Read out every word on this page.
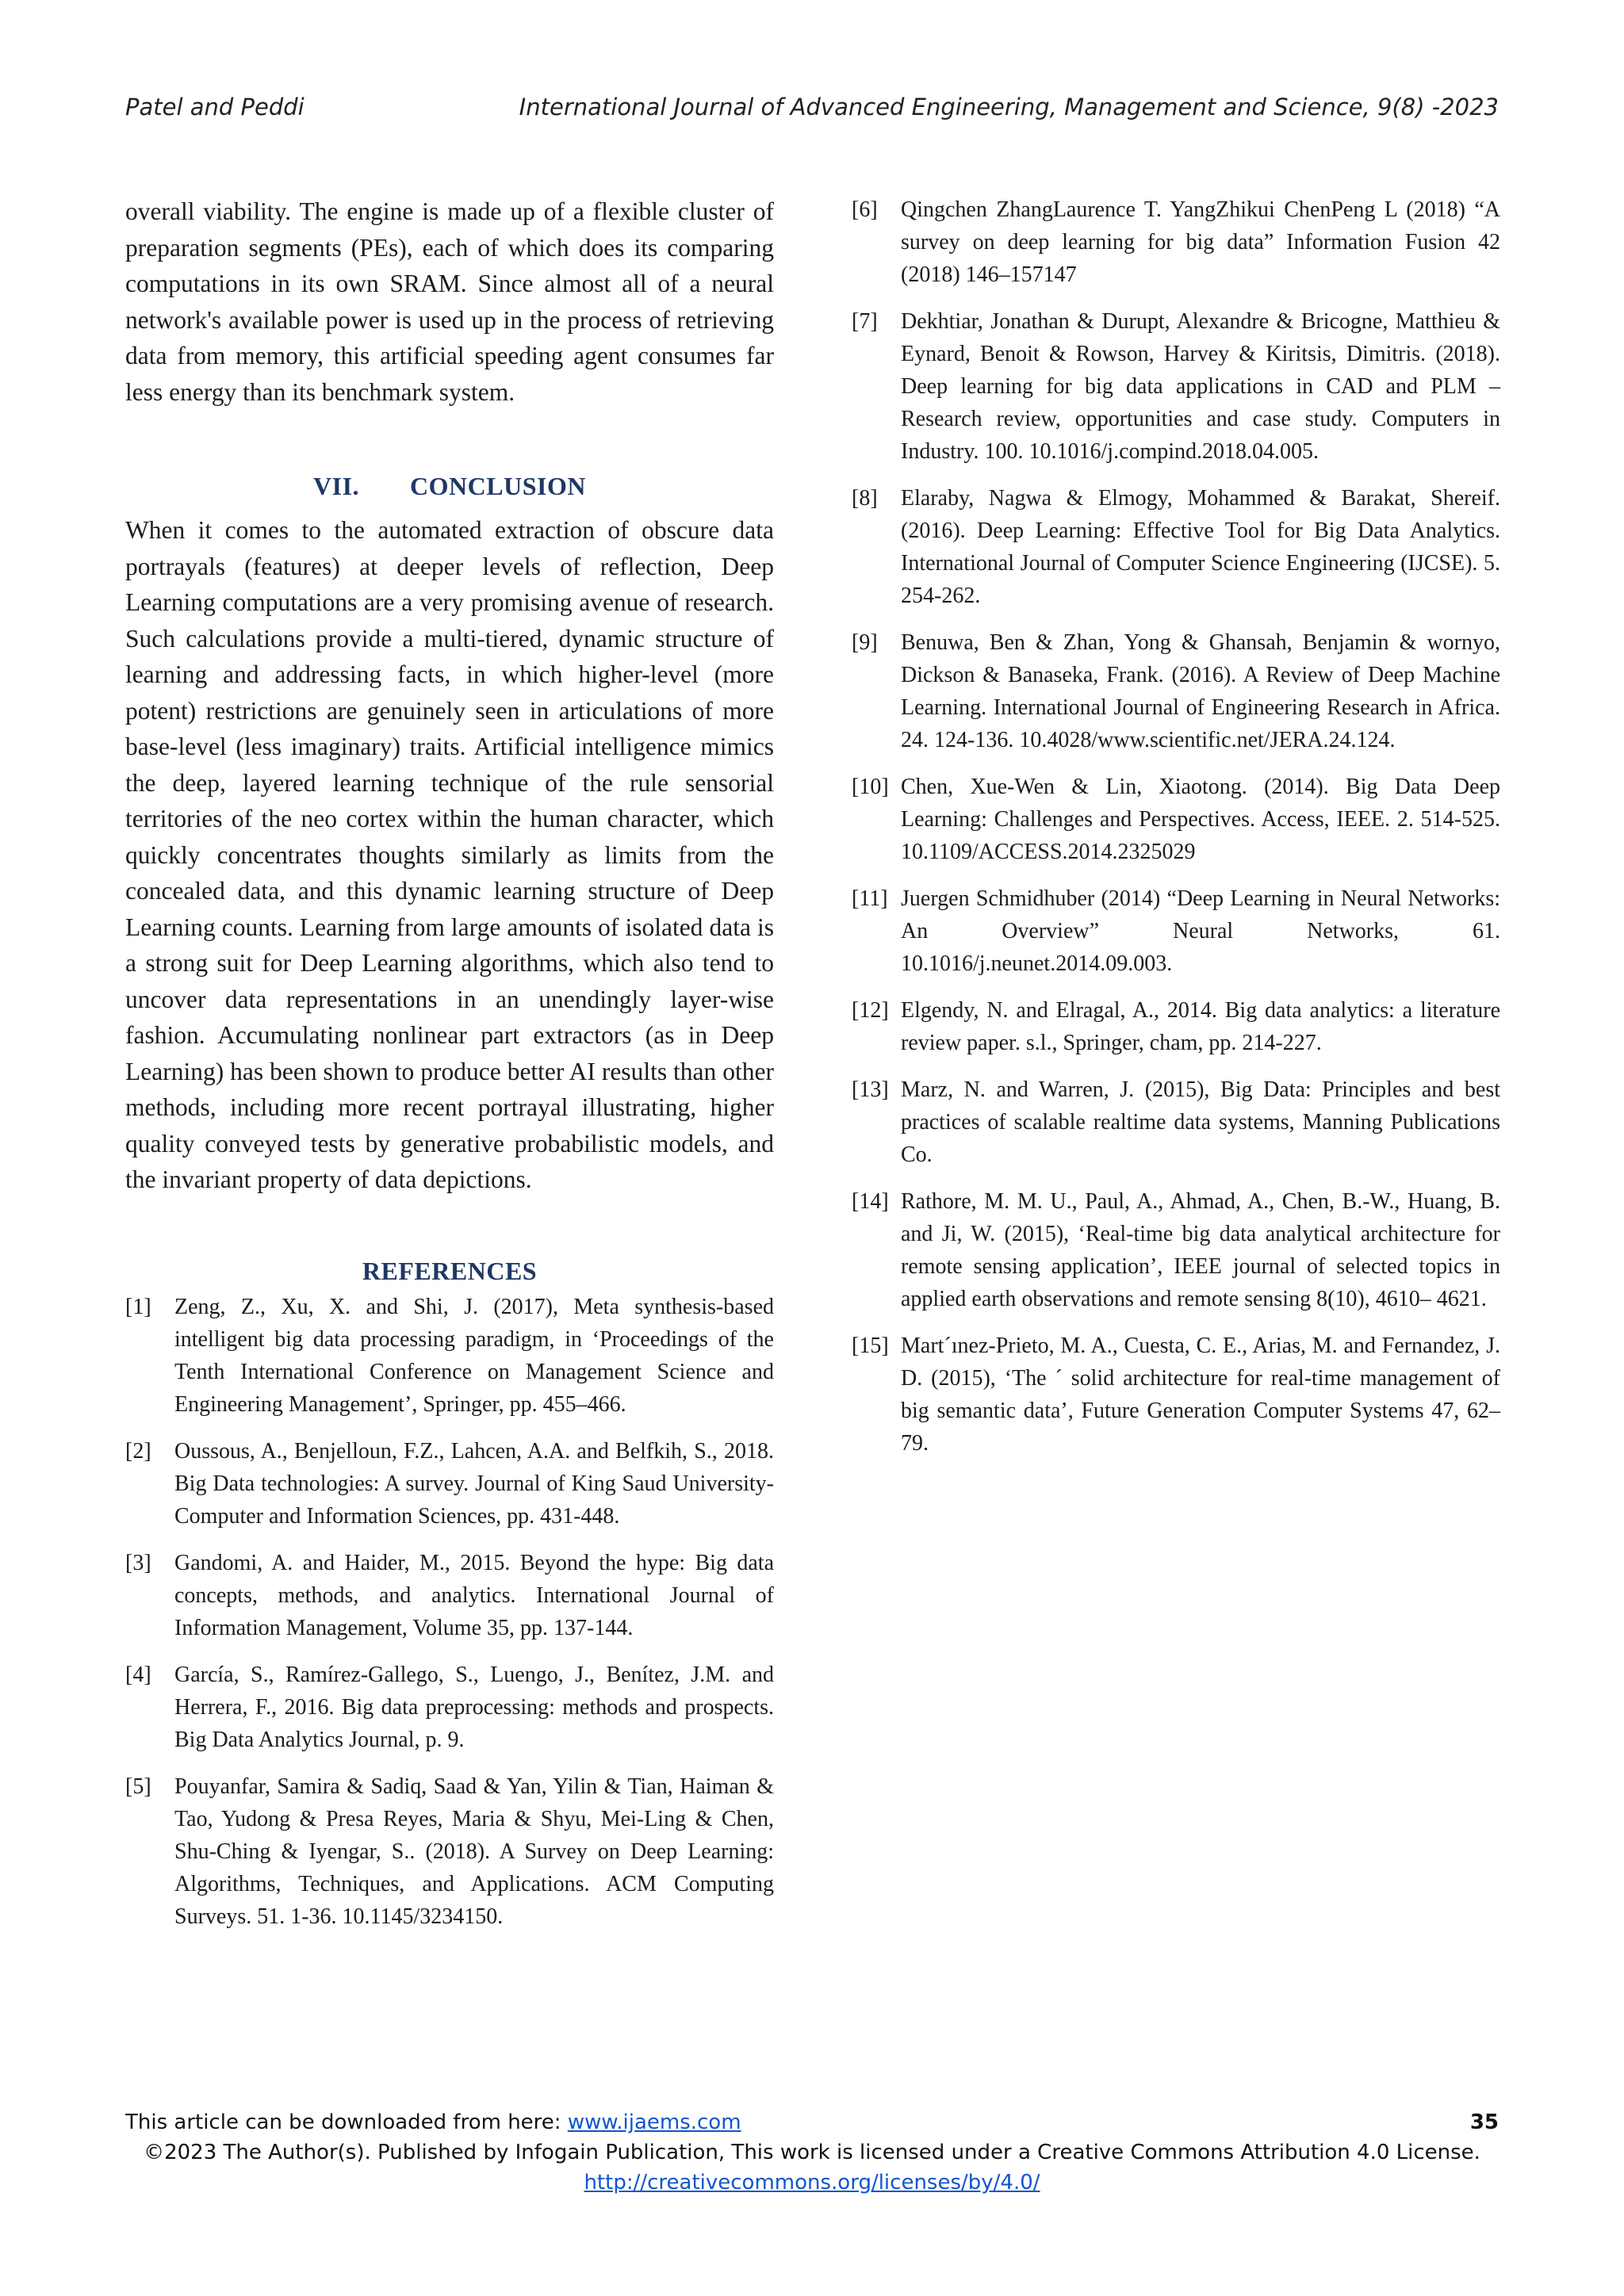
Patel and Peddi	International Journal of Advanced Engineering, Management and Science, 9(8) -2023

overall viability. The engine is made up of a flexible cluster of preparation segments (PEs), each of which does its comparing computations in its own SRAM. Since almost all of a neural network's available power is used up in the process of retrieving data from memory, this artificial speeding agent consumes far less energy than its benchmark system.

VII. CONCLUSION

When it comes to the automated extraction of obscure data portrayals (features) at deeper levels of reflection, Deep Learning computations are a very promising avenue of research. Such calculations provide a multi-tiered, dynamic structure of learning and addressing facts, in which higher-level (more potent) restrictions are genuinely seen in articulations of more base-level (less imaginary) traits. Artificial intelligence mimics the deep, layered learning technique of the rule sensorial territories of the neo cortex within the human character, which quickly concentrates thoughts similarly as limits from the concealed data, and this dynamic learning structure of Deep Learning counts. Learning from large amounts of isolated data is a strong suit for Deep Learning algorithms, which also tend to uncover data representations in an unendingly layer-wise fashion. Accumulating nonlinear part extractors (as in Deep Learning) has been shown to produce better AI results than other methods, including more recent portrayal illustrating, higher quality conveyed tests by generative probabilistic models, and the invariant property of data depictions.

REFERENCES
[1] Zeng, Z., Xu, X. and Shi, J. (2017), Meta synthesis-based intelligent big data processing paradigm, in ‘Proceedings of the Tenth International Conference on Management Science and Engineering Management’, Springer, pp. 455–466.
[2] Oussous, A., Benjelloun, F.Z., Lahcen, A.A. and Belfkih, S., 2018. Big Data technologies: A survey. Journal of King Saud University-Computer and Information Sciences, pp. 431-448.
[3] Gandomi, A. and Haider, M., 2015. Beyond the hype: Big data concepts, methods, and analytics. International Journal of Information Management, Volume 35, pp. 137-144.
[4] García, S., Ramírez-Gallego, S., Luengo, J., Benítez, J.M. and Herrera, F., 2016. Big data preprocessing: methods and prospects. Big Data Analytics Journal, p. 9.
[5] Pouyanfar, Samira & Sadiq, Saad & Yan, Yilin & Tian, Haiman & Tao, Yudong & Presa Reyes, Maria & Shyu, Mei-Ling & Chen, Shu-Ching & Iyengar, S.. (2018). A Survey on Deep Learning: Algorithms, Techniques, and Applications. ACM Computing Surveys. 51. 1-36. 10.1145/3234150.
[6] Qingchen ZhangLaurence T. YangZhikui ChenPeng L (2018) “A survey on deep learning for big data” Information Fusion 42 (2018) 146–157147
[7] Dekhtiar, Jonathan & Durupt, Alexandre & Bricogne, Matthieu & Eynard, Benoit & Rowson, Harvey & Kiritsis, Dimitris. (2018). Deep learning for big data applications in CAD and PLM – Research review, opportunities and case study. Computers in Industry. 100. 10.1016/j.compind.2018.04.005.
[8] Elaraby, Nagwa & Elmogy, Mohammed & Barakat, Shereif. (2016). Deep Learning: Effective Tool for Big Data Analytics. International Journal of Computer Science Engineering (IJCSE). 5. 254-262.
[9] Benuwa, Ben & Zhan, Yong & Ghansah, Benjamin & wornyo, Dickson & Banaseka, Frank. (2016). A Review of Deep Machine Learning. International Journal of Engineering Research in Africa. 24. 124-136. 10.4028/www.scientific.net/JERA.24.124.
[10] Chen, Xue-Wen & Lin, Xiaotong. (2014). Big Data Deep Learning: Challenges and Perspectives. Access, IEEE. 2. 514-525. 10.1109/ACCESS.2014.2325029
[11] Juergen Schmidhuber (2014) “Deep Learning in Neural Networks: An Overview” Neural Networks, 61. 10.1016/j.neunet.2014.09.003.
[12] Elgendy, N. and Elragal, A., 2014. Big data analytics: a literature review paper. s.l., Springer, cham, pp. 214-227.
[13] Marz, N. and Warren, J. (2015), Big Data: Principles and best practices of scalable realtime data systems, Manning Publications Co.
[14] Rathore, M. M. U., Paul, A., Ahmad, A., Chen, B.-W., Huang, B. and Ji, W. (2015), ‘Real-time big data analytical architecture for remote sensing application’, IEEE journal of selected topics in applied earth observations and remote sensing 8(10), 4610– 4621.
[15] Mart´ınez-Prieto, M. A., Cuesta, C. E., Arias, M. and Fernandez, J. D. (2015), ‘The ´ solid architecture for real-time management of big semantic data’, Future Generation Computer Systems 47, 62–79.
This article can be downloaded from here: www.ijaems.com	35
©2023 The Author(s). Published by Infogain Publication, This work is licensed under a Creative Commons Attribution 4.0 License.
http://creativecommons.org/licenses/by/4.0/
